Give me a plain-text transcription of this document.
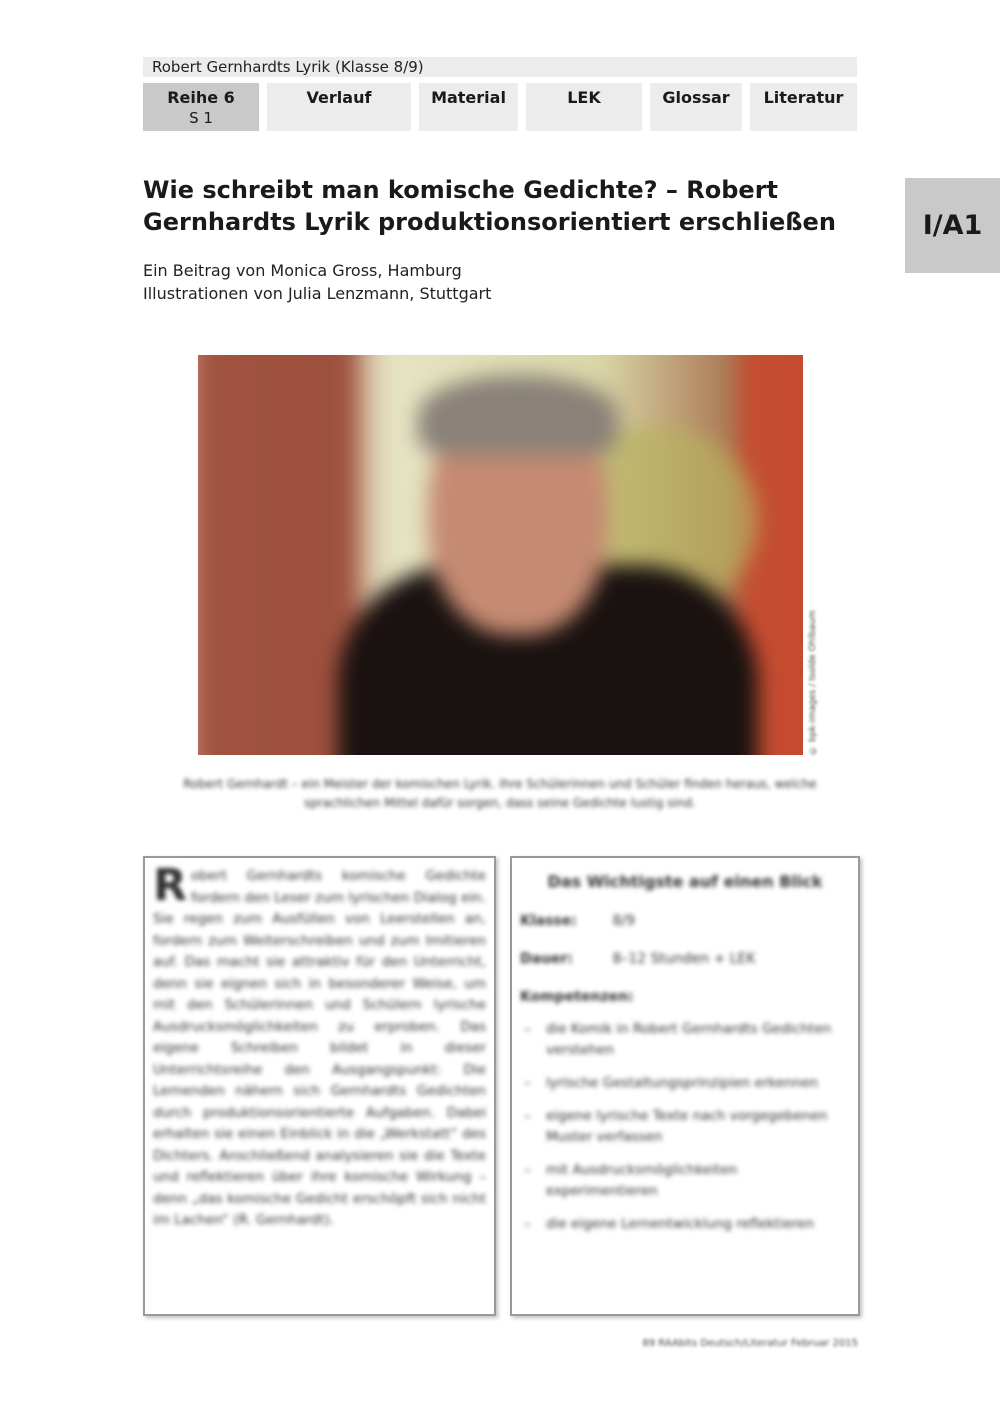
Robert Gernhardts Lyrik (Klasse 8/9)
Reihe 6
S 1
Verlauf	Material	LEK	Glossar	Literatur
I/A1
Wie schreibt man komische Gedichte? – Robert Gernhardts Lyrik produktionsorientiert erschließen
Ein Beitrag von Monica Gross, Hamburg
Illustrationen von Julia Lenzmann, Stuttgart
© bpk-images / Isolde Ohlbaum
Robert Gernhardt – ein Meister der komischen Lyrik. Ihre Schülerinnen und Schüler finden heraus, welche sprachlichen Mittel dafür sorgen, dass seine Gedichte lustig sind.

Robert Gernhardts komische Gedichte fordern den Leser zum lyrischen Dialog ein. Sie regen zum Ausfüllen von Leerstellen an, fordern zum Weiterschreiben und zum Imitieren auf. Das macht sie attraktiv für den Unterricht, denn sie eignen sich in besonderer Weise, um mit den Schülerinnen und Schülern lyrische Ausdrucksmöglichkeiten zu erproben. Das eigene Schreiben bildet in dieser Unterrichtsreihe den Ausgangspunkt: Die Lernenden nähern sich Gernhardts Gedichten durch produktionsorientierte Aufgaben. Dabei erhalten sie einen Einblick in die „Werkstatt“ des Dichters. Anschließend analysieren sie die Texte und reflektieren über ihre komische Wirkung – denn „das komische Gedicht erschöpft sich nicht im Lachen“ (R. Gernhardt).

Das Wichtigste auf einen Blick
Klasse:	8/9
Dauer:	8–12 Stunden + LEK
Kompetenzen:
– die Komik in Robert Gernhardts Gedichten verstehen
– lyrische Gestaltungsprinzipien erkennen
– eigene lyrische Texte nach vorgegebenen Muster verfassen
– mit Ausdrucksmöglichkeiten experimentieren
– die eigene Lernentwicklung reflektieren
89 RAAbits Deutsch/Literatur Februar 2015
